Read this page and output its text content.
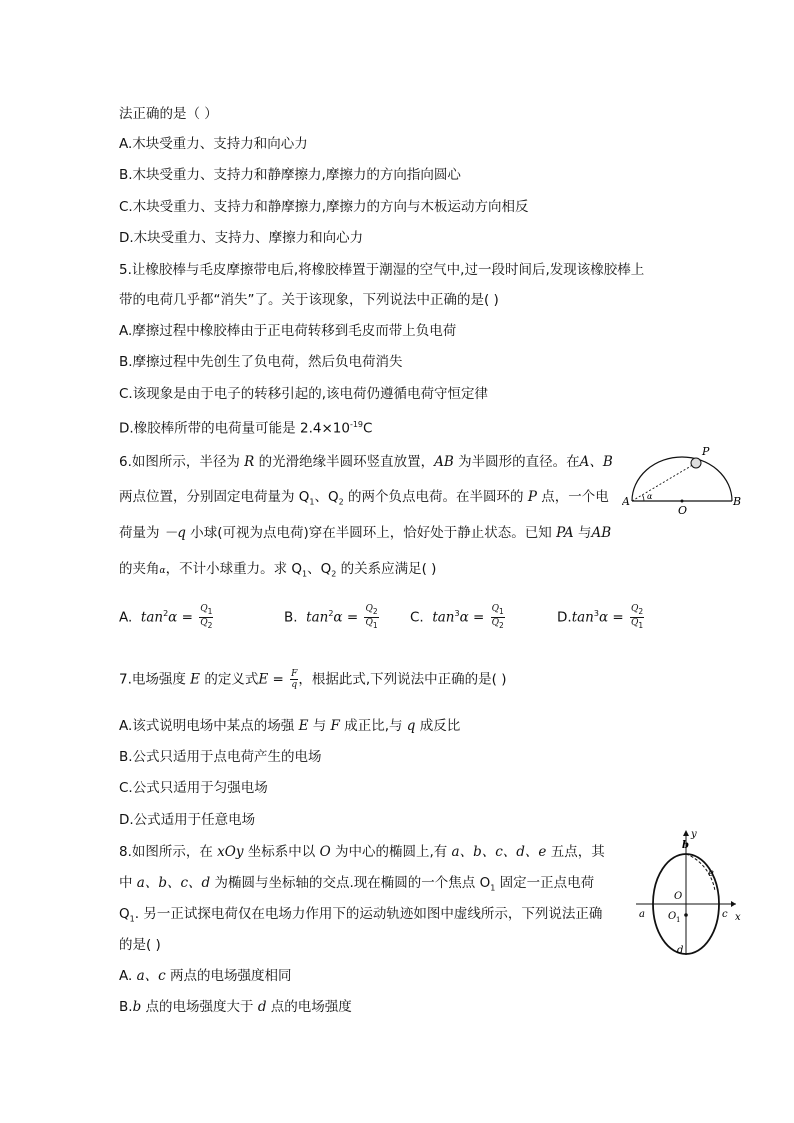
法正确的是（ ）
A.木块受重力、支持力和向心力
B.木块受重力、支持力和静摩擦力,摩擦力的方向指向圆心
C.木块受重力、支持力和静摩擦力,摩擦力的方向与木板运动方向相反
D.木块受重力、支持力、摩擦力和向心力
5.让橡胶棒与毛皮摩擦带电后,将橡胶棒置于潮湿的空气中,过一段时间后,发现该橡胶棒上
带的电荷几乎都“消失”了。关于该现象，下列说法中正确的是( )
A.摩擦过程中橡胶棒由于正电荷转移到毛皮而带上负电荷
B.摩擦过程中先创生了负电荷，然后负电荷消失
C.该现象是由于电子的转移引起的,该电荷仍遵循电荷守恒定律
D.橡胶棒所带的电荷量可能是 $2.4\times 10^{-19}C$
6.如图所示，半径为 R 的光滑绝缘半圆环竖直放置，AB 为半圆形的直径。在A、B
两点位置，分别固定电荷量为 $Q_1$、$Q_2$ 的两个负点电荷。在半圆环的 P 点，一个电
荷量为 －q 小球(可视为点电荷)穿在半圆环上，恰好处于静止状态。已知 PA 与AB
的夹角α，不计小球重力。求 $Q_1$、$Q_2$ 的关系应满足( )
A. $\tan^2\alpha = \frac{Q_1}{Q_2}$	B. $\tan^2\alpha = \frac{Q_2}{Q_1} C$. $\tan^3\alpha = \frac{Q_1}{Q_2}$	$D.\tan^3\alpha = \frac{Q_2}{Q_1}$
7.电场强度 E 的定义式$E = \frac{F}{q}$ ，根据此式,下列说法中正确的是( )
A.该式说明电场中某点的场强 E 与 F 成正比,与 q 成反比
B.公式只适用于点电荷产生的电场
C.公式只适用于匀强电场
D.公式适用于任意电场
8.如图所示，在 xOy 坐标系中以 O 为中心的椭圆上,有 a、b、c、d、e 五点，其
中 a、b、c、d 为椭圆与坐标轴的交点.现在椭圆的一个焦点 $O_1$ 固定一正点电荷
$Q_1$. 另一正试探电荷仅在电场力作用下的运动轨迹如图中虚线所示，下列说法正确
的是( )
A. a、c 两点的电场强度相同
B.b 点的电场强度大于 d 点的电场强度
P
A	B
O
α
y
x
b
e
O
a	c
O 1
d
